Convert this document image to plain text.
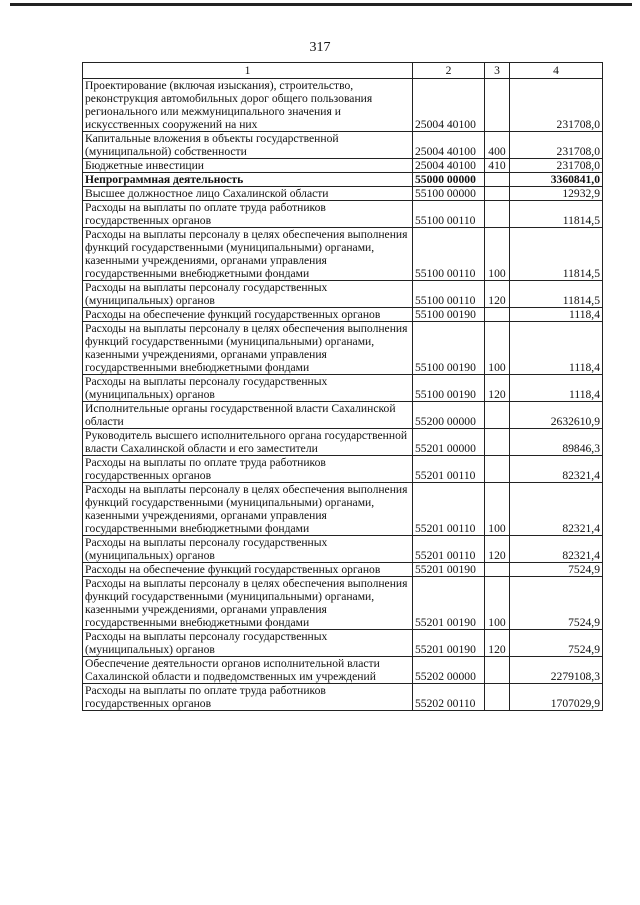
317
1	2	3	4
Проектирование (включая изыскания), строительство, реконструкция автомобильных дорог общего пользования регионального или межмуниципального значения и искусственных сооружений на них	25004 40100		231708,0
Капитальные вложения в объекты государственной (муниципальной) собственности	25004 40100	400	231708,0
Бюджетные инвестиции	25004 40100	410	231708,0
Непрограммная деятельность	55000 00000		3360841,0
Высшее должностное лицо Сахалинской области	55100 00000		12932,9
Расходы на выплаты по оплате труда работников государственных органов	55100 00110		11814,5
Расходы на выплаты персоналу в целях обеспечения выполнения функций государственными (муниципальными) органами, казенными учреждениями, органами управления государственными внебюджетными фондами	55100 00110	100	11814,5
Расходы на выплаты персоналу государственных (муниципальных) органов	55100 00110	120	11814,5
Расходы на обеспечение функций государственных органов	55100 00190		1118,4
Расходы на выплаты персоналу в целях обеспечения выполнения функций государственными (муниципальными) органами, казенными учреждениями, органами управления государственными внебюджетными фондами	55100 00190	100	1118,4
Расходы на выплаты персоналу государственных (муниципальных) органов	55100 00190	120	1118,4
Исполнительные органы государственной власти Сахалинской области	55200 00000		2632610,9
Руководитель высшего исполнительного органа государственной власти Сахалинской области и его заместители	55201 00000		89846,3
Расходы на выплаты по оплате труда работников государственных органов	55201 00110		82321,4
Расходы на выплаты персоналу в целях обеспечения выполнения функций государственными (муниципальными) органами, казенными учреждениями, органами управления государственными внебюджетными фондами	55201 00110	100	82321,4
Расходы на выплаты персоналу государственных (муниципальных) органов	55201 00110	120	82321,4
Расходы на обеспечение функций государственных органов	55201 00190		7524,9
Расходы на выплаты персоналу в целях обеспечения выполнения функций государственными (муниципальными) органами, казенными учреждениями, органами управления государственными внебюджетными фондами	55201 00190	100	7524,9
Расходы на выплаты персоналу государственных (муниципальных) органов	55201 00190	120	7524,9
Обеспечение деятельности органов исполнительной власти Сахалинской области и подведомственных им учреждений	55202 00000		2279108,3
Расходы на выплаты по оплате труда работников государственных органов	55202 00110		1707029,9
